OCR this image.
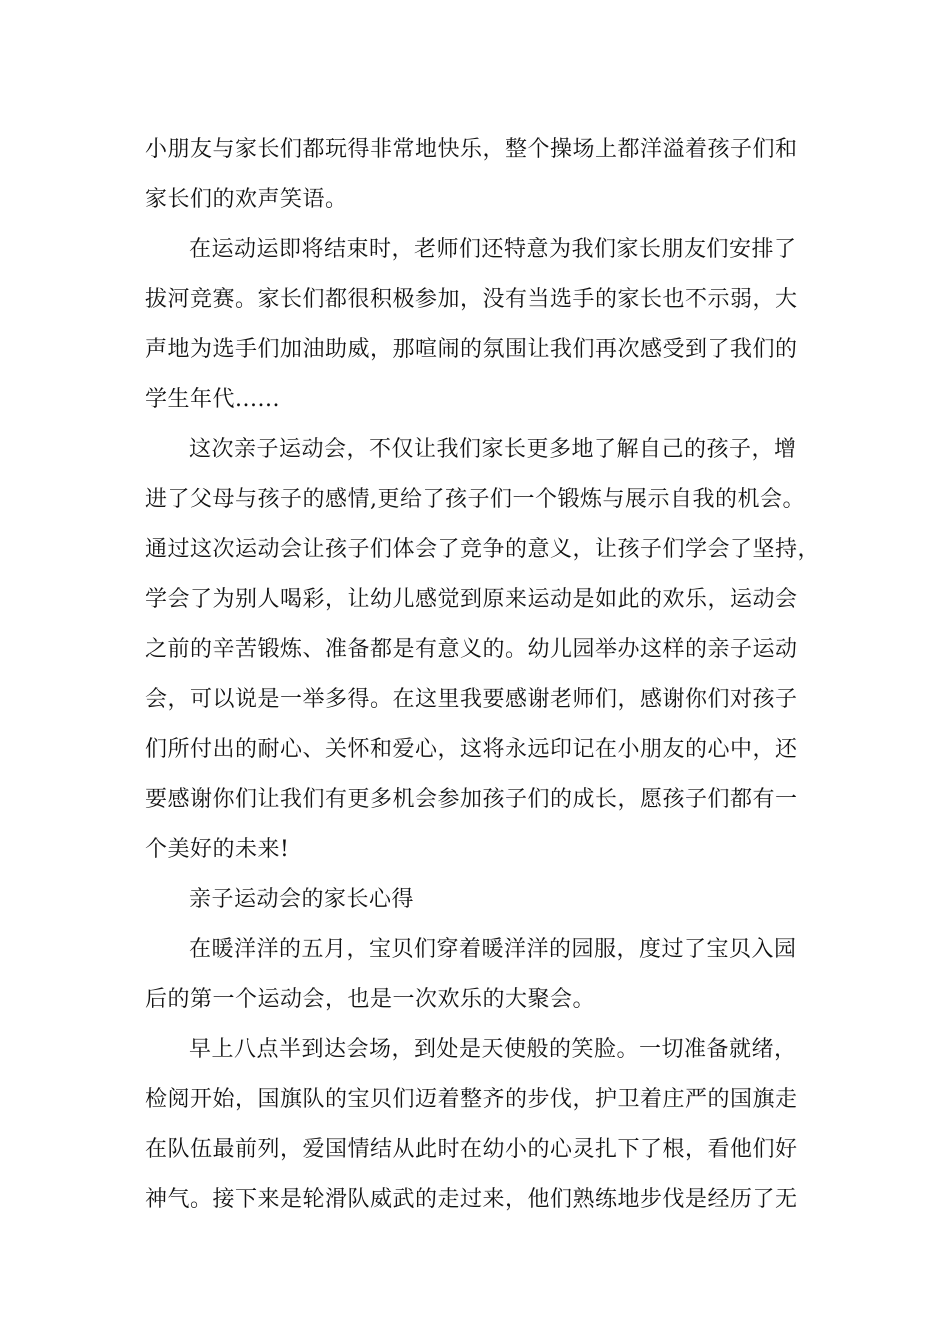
小朋友与家长们都玩得非常地快乐，整个操场上都洋溢着孩子们和
家长们的欢声笑语。
在运动运即将结束时，老师们还特意为我们家长朋友们安排了
拔河竞赛。家长们都很积极参加，没有当选手的家长也不示弱，大
声地为选手们加油助威，那喧闹的氛围让我们再次感受到了我们的
学生年代......
这次亲子运动会，不仅让我们家长更多地了解自己的孩子，增
进了父母与孩子的感情,更给了孩子们一个锻炼与展示自我的机会。
通过这次运动会让孩子们体会了竞争的意义，让孩子们学会了坚持，
学会了为别人喝彩，让幼儿感觉到原来运动是如此的欢乐，运动会
之前的辛苦锻炼、准备都是有意义的。幼儿园举办这样的亲子运动
会，可以说是一举多得。在这里我要感谢老师们，感谢你们对孩子
们所付出的耐心、关怀和爱心，这将永远印记在小朋友的心中，还
要感谢你们让我们有更多机会参加孩子们的成长，愿孩子们都有一
个美好的未来!
亲子运动会的家长心得
在暖洋洋的五月，宝贝们穿着暖洋洋的园服，度过了宝贝入园
后的第一个运动会，也是一次欢乐的大聚会。
早上八点半到达会场，到处是天使般的笑脸。一切准备就绪，
检阅开始，国旗队的宝贝们迈着整齐的步伐，护卫着庄严的国旗走
在队伍最前列，爱国情结从此时在幼小的心灵扎下了根，看他们好
神气。接下来是轮滑队威武的走过来，他们熟练地步伐是经历了无
